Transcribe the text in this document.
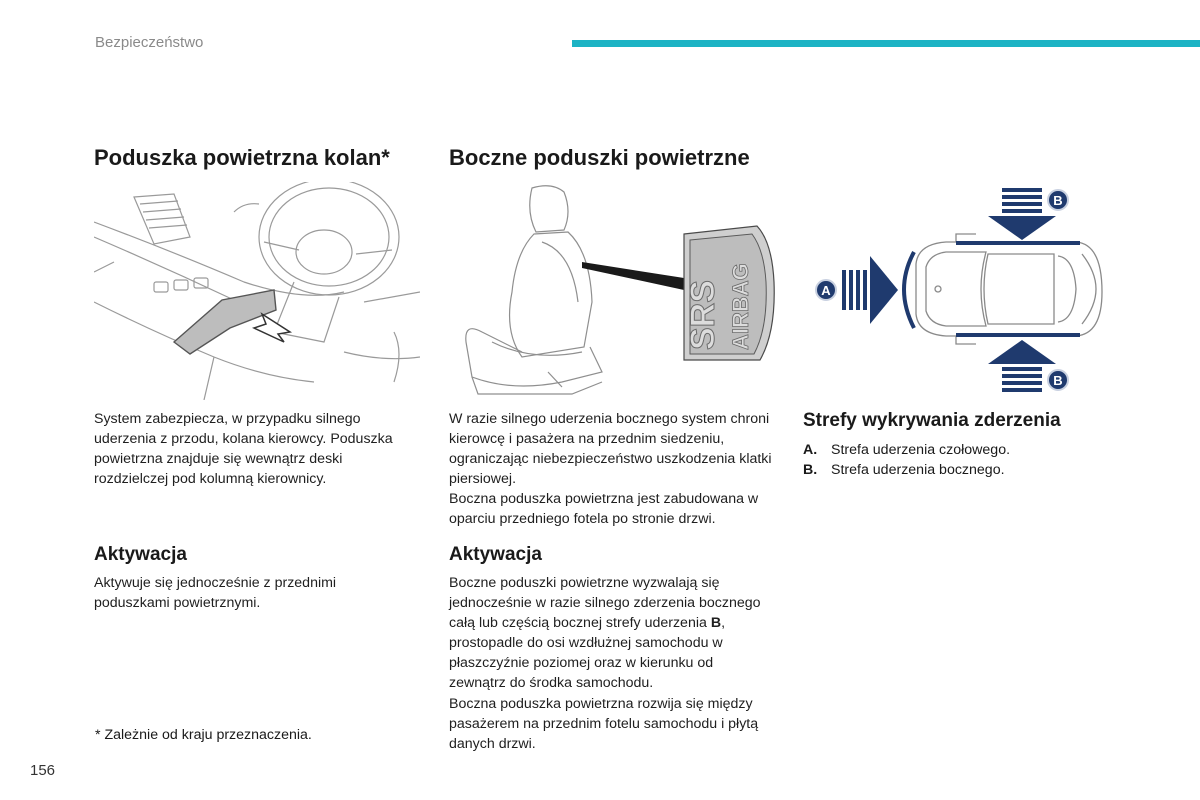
Bezpieczeństwo
Poduszka powietrzna kolan*
System zabezpiecza, w przypadku silnego uderzenia z przodu, kolana kierowcy. Poduszka powietrzna znajduje się wewnątrz deski rozdzielczej pod kolumną kierownicy.
Aktywacja
Aktywuje się jednocześnie z przednimi poduszkami powietrznymi.
* Zależnie od kraju przeznaczenia.
Boczne poduszki powietrzne
SRS AIRBAG

W razie silnego uderzenia bocznego system chroni kierowcę i pasażera na przednim siedzeniu, ograniczając niebezpieczeństwo uszkodzenia klatki piersiowej.

Boczna poduszka powietrzna jest zabudowana w oparciu przedniego fotela po stronie drzwi.

Aktywacja

Boczne poduszki powietrzne wyzwalają się jednocześnie w razie silnego zderzenia bocznego całą lub częścią bocznej strefy uderzenia B, prostopadle do osi wzdłużnej samochodu w płaszczyźnie poziomej oraz w kierunku od zewnątrz do środka samochodu.

Boczna poduszka powietrzna rozwija się między pasażerem na przednim fotelu samochodu i płytą danych drzwi.

A
B
B
Strefy wykrywania zderzenia
A. Strefa uderzenia czołowego.
B. Strefa uderzenia bocznego.
156
